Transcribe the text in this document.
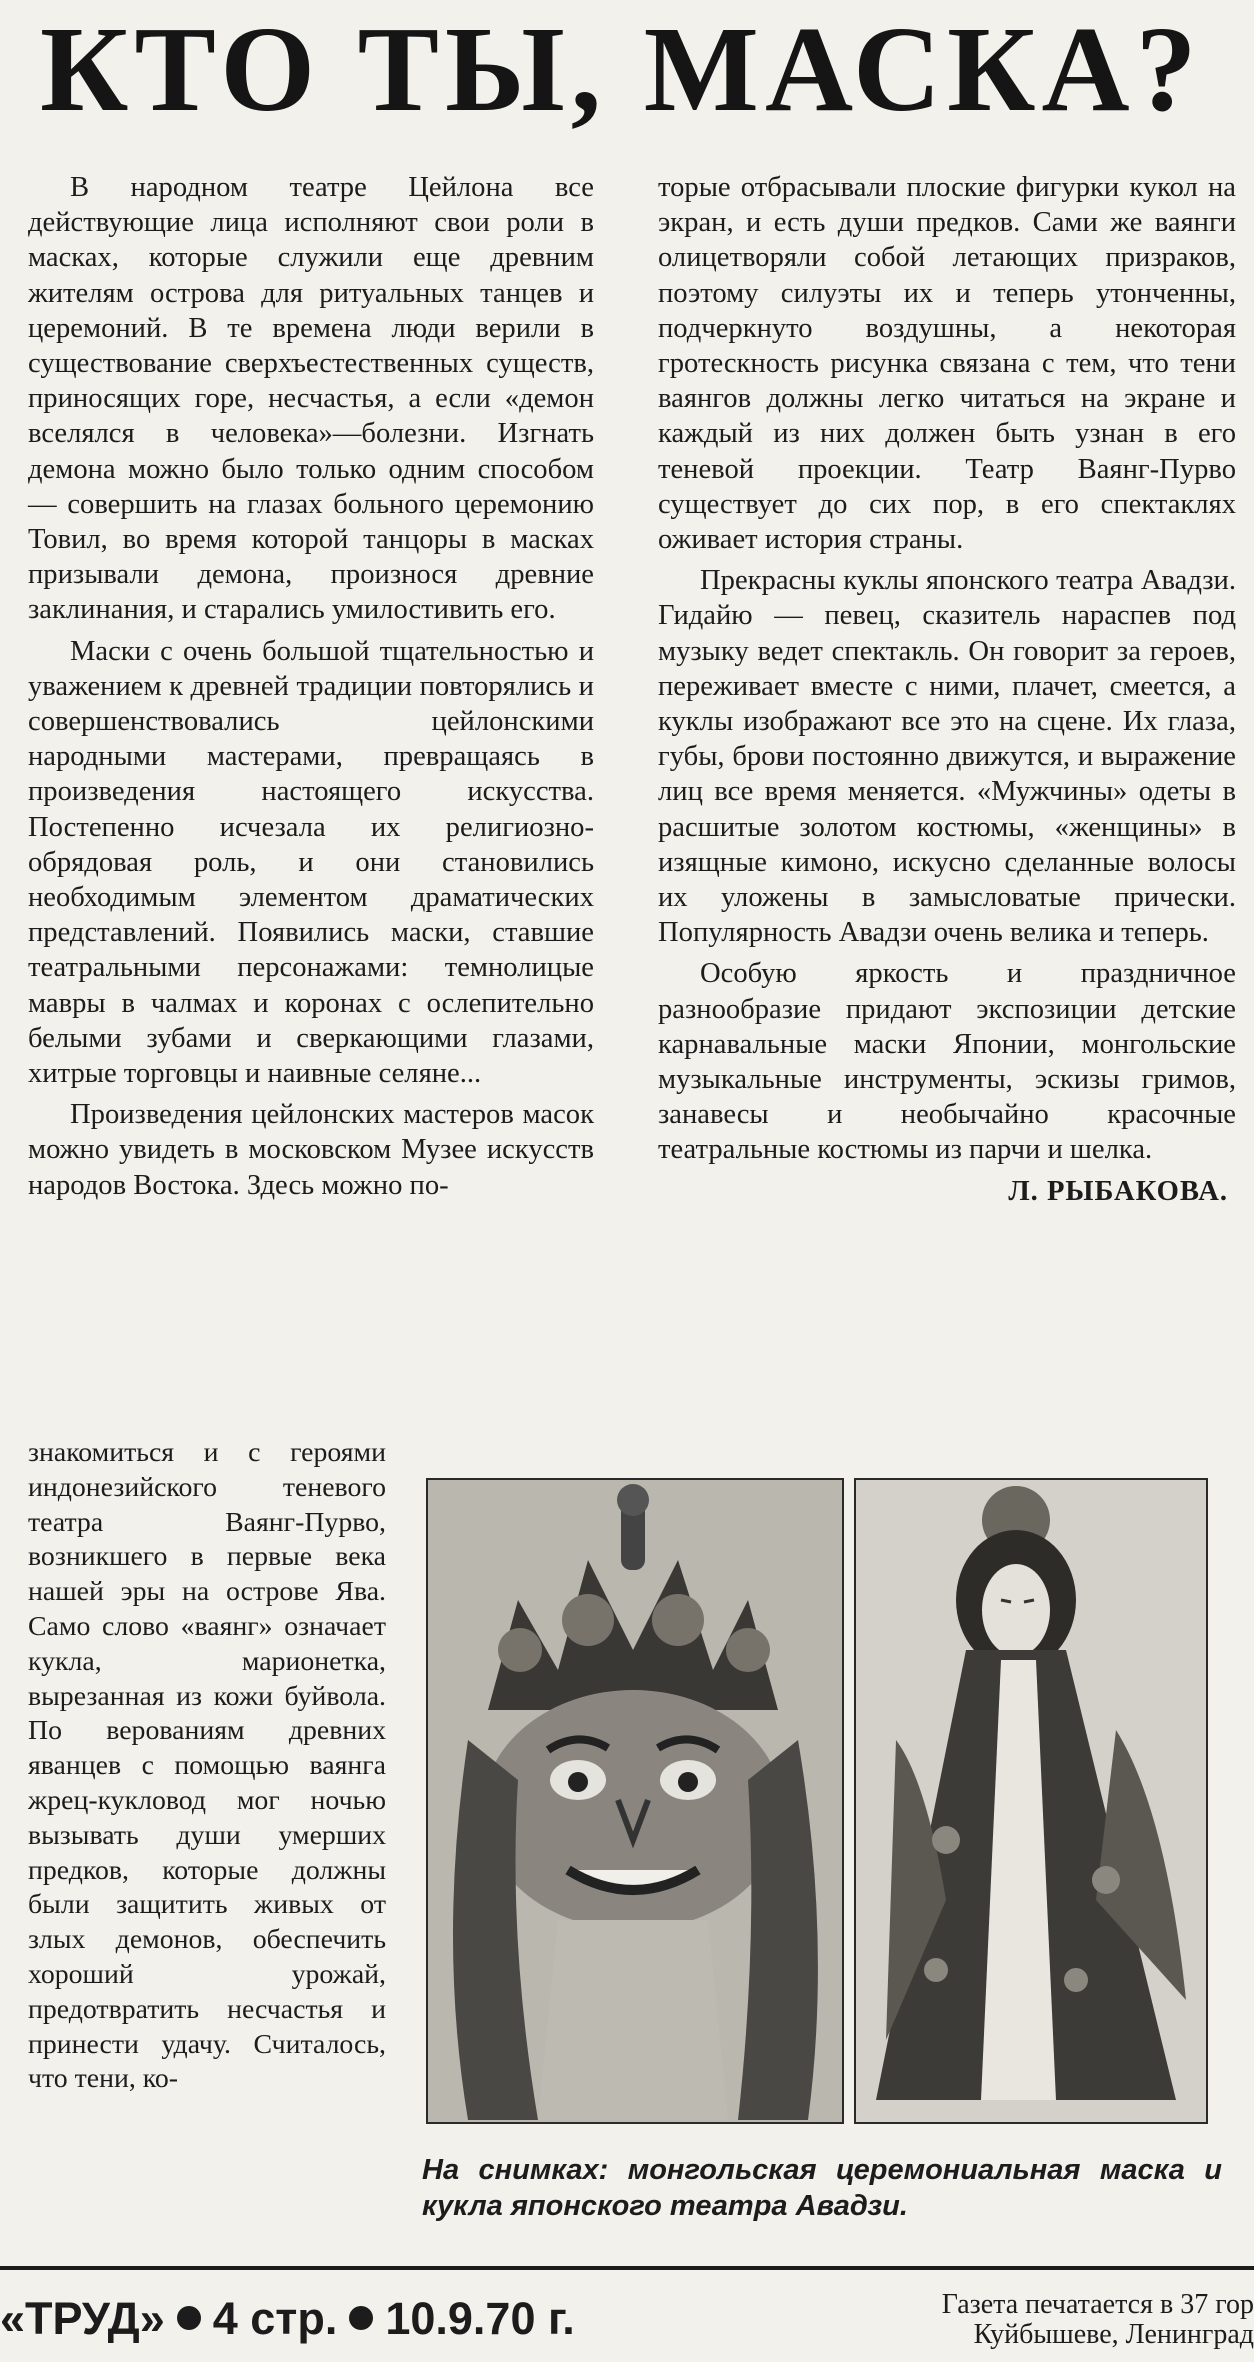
КТО ТЫ, МАСКА?

В народном театре Цейлона все действующие лица исполняют свои роли в масках, которые служили еще древним жителям острова для ритуальных танцев и церемоний. В те времена люди верили в существование сверхъестественных существ, приносящих горе, несчастья, а если «демон вселялся в человека»—болезни. Изгнать демона можно было только одним способом — совершить на глазах больного церемонию Товил, во время которой танцоры в масках призывали демона, произнося древние заклинания, и старались умилостивить его.

Маски с очень большой тщательностью и уважением к древней традиции повторялись и совершенствовались цейлонскими народными мастерами, превращаясь в произведения настоящего искусства. Постепенно исчезала их религиозно-обрядовая роль, и они становились необходимым элементом драматических представлений. Появились маски, ставшие театральными персонажами: темнолицые мавры в чалмах и коронах с ослепительно белыми зубами и сверкающими глазами, хитрые торговцы и наивные селяне...

Произведения цейлонских мастеров масок можно увидеть в московском Музее искусств народов Востока. Здесь можно по-

знакомиться и с героями индонезийского теневого театра Ваянг-Пурво, возникшего в первые века нашей эры на острове Ява. Само слово «ваянг» означает кукла, марионетка, вырезанная из кожи буйвола. По верованиям древних яванцев с помощью ваянга жрец-кукловод мог ночью вызывать души умерших предков, которые должны были защитить живых от злых демонов, обеспечить хороший урожай, предотвратить несчастья и принести удачу. Считалось, что тени, ко-

торые отбрасывали плоские фигурки кукол на экран, и есть души предков. Сами же ваянги олицетворяли собой летающих призраков, поэтому силуэты их и теперь утонченны, подчеркнуто воздушны, а некоторая гротескность рисунка связана с тем, что тени ваянгов должны легко читаться на экране и каждый из них должен быть узнан в его теневой проекции. Театр Ваянг-Пурво существует до сих пор, в его спектаклях оживает история страны.

Прекрасны куклы японского театра Авадзи. Гидайю — певец, сказитель нараспев под музыку ведет спектакль. Он говорит за героев, переживает вместе с ними, плачет, смеется, а куклы изображают все это на сцене. Их глаза, губы, брови постоянно движутся, и выражение лиц все время меняется. «Мужчины» одеты в расшитые золотом костюмы, «женщины» в изящные кимоно, искусно сделанные волосы их уложены в замысловатые прически. Популярность Авадзи очень велика и теперь.

Особую яркость и праздничное разнообразие придают экспозиции детские карнавальные маски Японии, монгольские музыкальные инструменты, эскизы гримов, занавесы и необычайно красочные театральные костюмы из парчи и шелка.

Л. РЫБАКОВА.
На снимках: монгольская церемониальная маска и кукла японского театра Авадзи.
«ТРУД» 4 стр. 10.9.70 г.	Газета печатается в 37 гор
Куйбышеве, Ленинград
